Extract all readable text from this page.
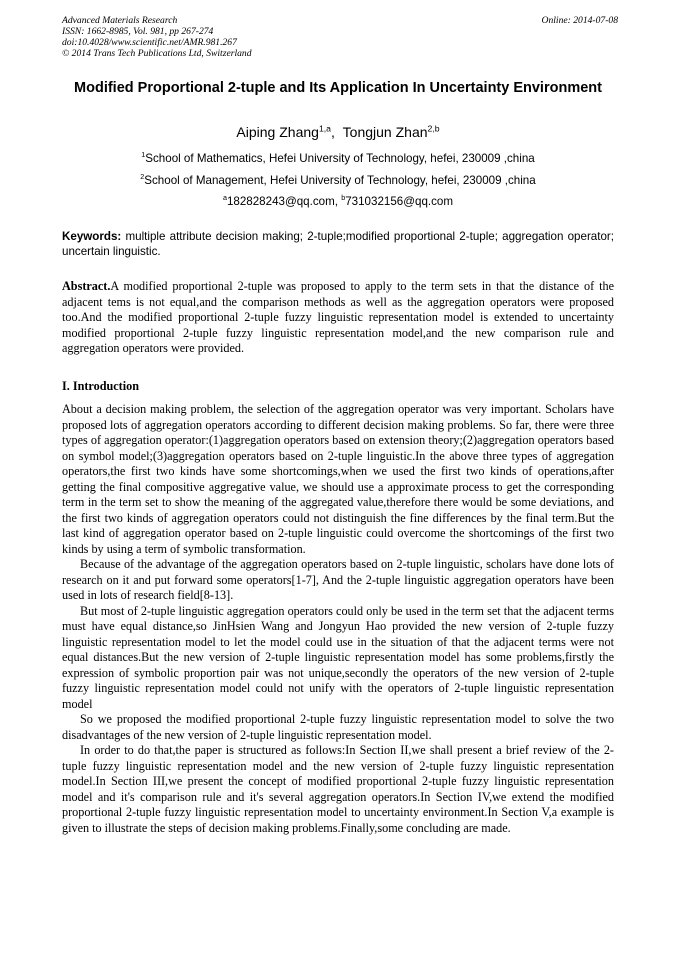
Advanced Materials Research
ISSN: 1662-8985, Vol. 981, pp 267-274
doi:10.4028/www.scientific.net/AMR.981.267
© 2014 Trans Tech Publications Ltd, Switzerland
Online: 2014-07-08
Modified Proportional 2-tuple and Its Application In Uncertainty Environment
Aiping Zhang$^{1,a}$, Tongjun Zhan$^{2,b}$
$^1$School of Mathematics, Hefei University of Technology, hefei, 230009 ,china
$^2$School of Management, Hefei University of Technology, hefei, 230009 ,china
$^a$182828243@qq.com, $^b$731032156@qq.com
Keywords: multiple attribute decision making; 2-tuple;modified proportional 2-tuple; aggregation operator; uncertain linguistic.
Abstract.A modified proportional 2-tuple was proposed to apply to the term sets in that the distance of the adjacent tems is not equal,and the comparison methods as well as the aggregation operators were proposed too.And the modified proportional 2-tuple fuzzy linguistic representation model is extended to uncertainty modified proportional 2-tuple fuzzy linguistic representation model,and the new comparison rule and aggregation operators were provided.
I. Introduction

About a decision making problem, the selection of the aggregation operator was very important. Scholars have proposed lots of aggregation operators according to different decision making problems. So far, there were three types of aggregation operator:(1)aggregation operators based on extension theory;(2)aggregation operators based on symbol model;(3)aggregation operators based on 2-tuple linguistic.In the above three types of aggregation operators,the first two kinds have some shortcomings,when we used the first two kinds of operations,after getting the final compositive aggregative value, we should use a approximate process to get the corresponding term in the term set to show the meaning of the aggregated value,therefore there would be some deviations, and the first two kinds of aggregation operators could not distinguish the fine differences by the final term.But the last kind of aggregation operator based on 2-tuple linguistic could overcome the shortcomings of the first two kinds by using a term of symbolic transformation.

Because of the advantage of the aggregation operators based on 2-tuple linguistic, scholars have done lots of research on it and put forward some operators[1-7], And the 2-tuple linguistic aggregation operators have been used in lots of research field[8-13].

But most of 2-tuple linguistic aggregation operators could only be used in the term set that the adjacent terms must have equal distance,so JinHsien Wang and Jongyun Hao provided the new version of 2-tuple fuzzy linguistic representation model to let the model could use in the situation of that the adjacent terms were not equal distances.But the new version of 2-tuple linguistic representation model has some problems,firstly the expression of symbolic proportion pair was not unique,secondly the operators of the new version of 2-tuple fuzzy linguistic representation model could not unify with the operators of 2-tuple linguistic representation model

So we proposed the modified proportional 2-tuple fuzzy linguistic representation model to solve the two disadvantages of the new version of 2-tuple linguistic representation model.

In order to do that,the paper is structured as follows:In Section II,we shall present a brief review of the 2-tuple fuzzy linguistic representation model and the new version of 2-tuple fuzzy linguistic representation model.In Section III,we present the concept of modified proportional 2-tuple fuzzy linguistic representation model and it's comparison rule and it's several aggregation operators.In Section IV,we extend the modified proportional 2-tuple fuzzy linguistic representation model to uncertainty environment.In Section V,a example is given to illustrate the steps of decision making problems.Finally,some concluding are made.
